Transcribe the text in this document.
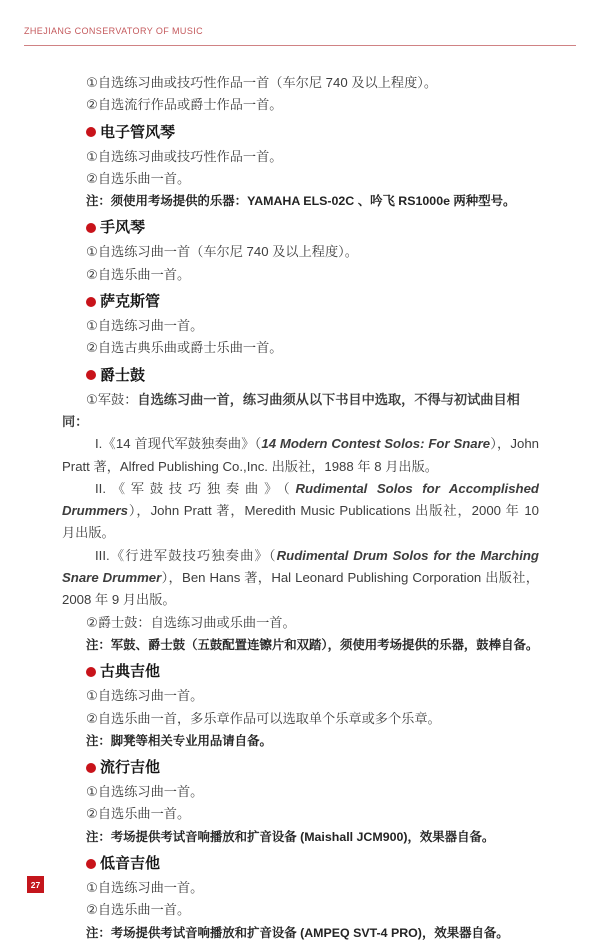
ZHEJIANG CONSERVATORY OF MUSIC

①自选练习曲或技巧性作品一首（车尔尼 740 及以上程度）。

②自选流行作品或爵士作品一首。

电子管风琴

①自选练习曲或技巧性作品一首。

②自选乐曲一首。

注：须使用考场提供的乐器：YAMAHA ELS-02C 、吟飞 RS1000e 两种型号。

手风琴

①自选练习曲一首（车尔尼 740 及以上程度）。

②自选乐曲一首。

萨克斯管

①自选练习曲一首。

②自选古典乐曲或爵士乐曲一首。

爵士鼓

①军鼓：自选练习曲一首，练习曲须从以下书目中选取，不得与初试曲目相同：

I.《14 首现代军鼓独奏曲》（14 Modern Contest Solos: For Snare），John Pratt 著，Alfred Publishing Co.,Inc. 出版社，1988 年 8 月出版。

II.《军鼓技巧独奏曲》（Rudimental Solos for Accomplished Drummers），John Pratt 著，Meredith Music Publications 出版社，2000 年 10 月出版。

III.《行进军鼓技巧独奏曲》（Rudimental Drum Solos for the Marching Snare Drummer），Ben Hans 著，Hal Leonard Publishing Corporation 出版社，2008 年 9 月出版。

②爵士鼓：自选练习曲或乐曲一首。

注：军鼓、爵士鼓（五鼓配置连镲片和双踏），须使用考场提供的乐器，鼓棒自备。

古典吉他

①自选练习曲一首。

②自选乐曲一首，多乐章作品可以选取单个乐章或多个乐章。

注：脚凳等相关专业用品请自备。

流行吉他

①自选练习曲一首。

②自选乐曲一首。

注：考场提供考试音响播放和扩音设备 (Maishall JCM900)，效果器自备。

低音吉他

①自选练习曲一首。

②自选乐曲一首。

注：考场提供考试音响播放和扩音设备 (AMPEQ SVT-4 PRO)，效果器自备。

27
